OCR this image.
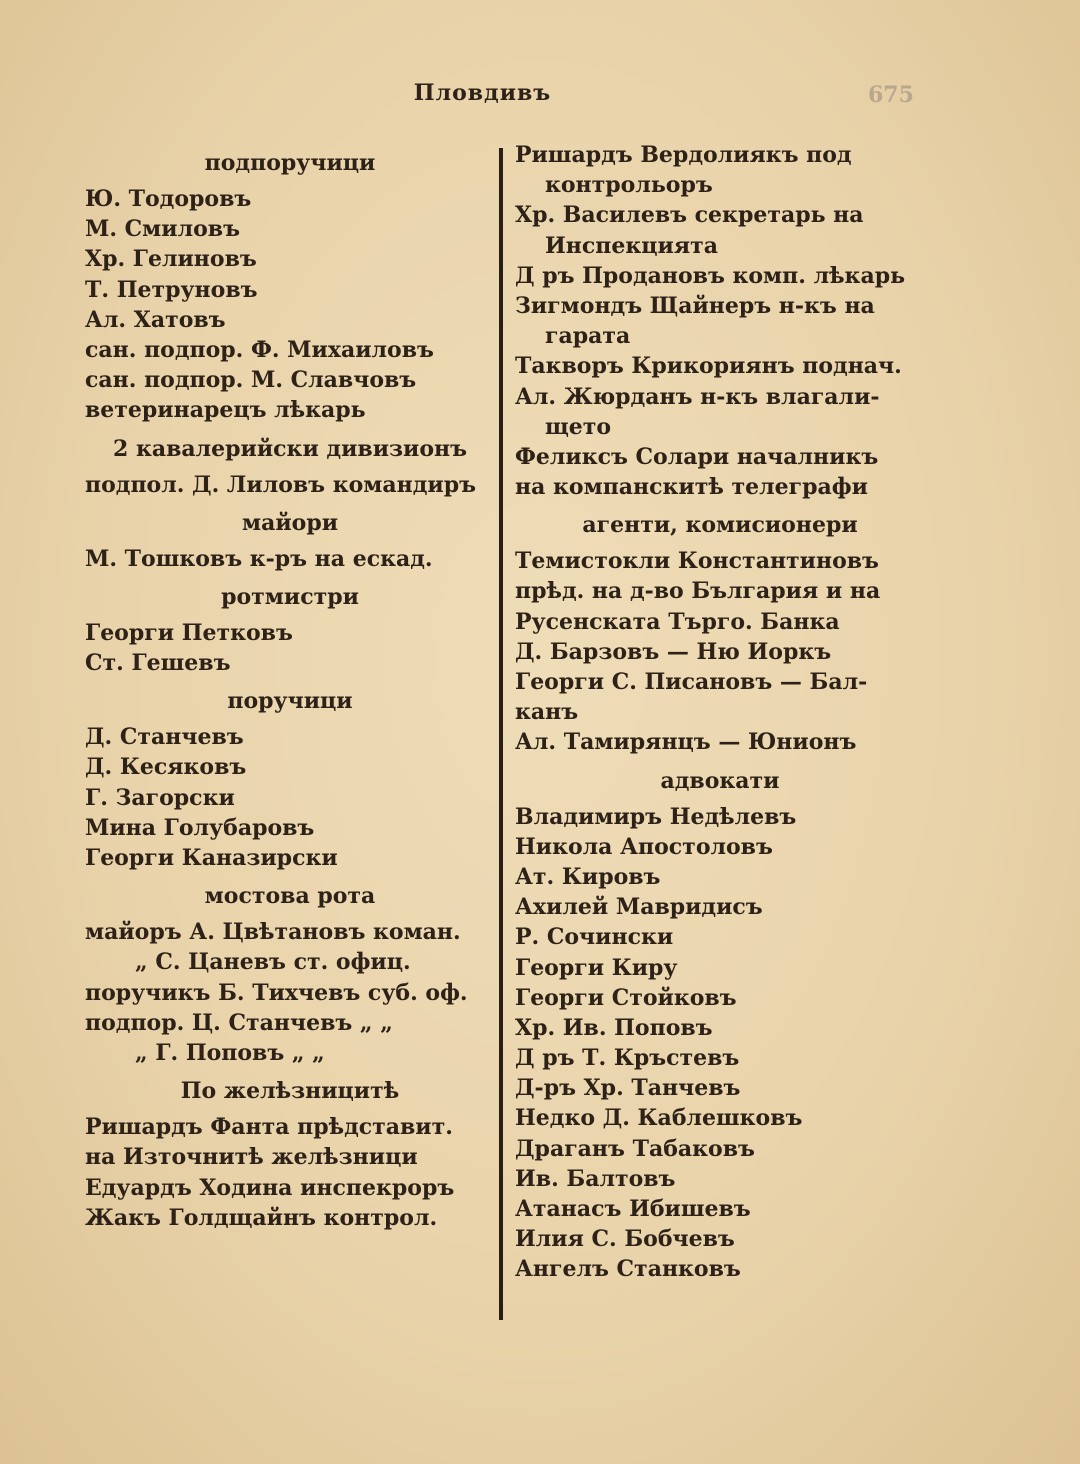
Пловдивъ	675
подпоручици
Ю. Тодоровъ
М. Смиловъ
Хр. Гелиновъ
Т. Петруновъ
Ал. Хатовъ
сан. подпор. Ф. Михаиловъ
сан. подпор. М. Славчовъ
ветеринарецъ лѣкарь
2 кавалерийски дивизионъ
подпол. Д. Лиловъ командиръ
майори
М. Тошковъ к-ръ на ескад.
ротмистри
Георги Петковъ
Ст. Гешевъ
поручици
Д. Станчевъ
Д. Кесяковъ
Г. Загорски
Мина Голубаровъ
Георги Каназирски
мостова рота
майоръ А. Цвѣтановъ коман.
„ С. Цаневъ ст. офиц.
поручикъ Б. Тихчевъ суб. оф.
подпор. Ц. Станчевъ „ „
„ Г. Поповъ „ „
По желѣзницитѣ
Ришардъ Фанта прѣдставит.
на Източнитѣ желѣзници
Едуардъ Ходина инспекроръ
Жакъ Голдщайнъ контрол.
Ришардъ Вердолиякъ под
контрольоръ
Хр. Василевъ секретарь на
Инспекцията
Д ръ Продановъ комп. лѣкарь
Зигмондъ Щайнеръ н-къ на
гарата
Такворъ Крикориянъ поднач.
Ал. Жюрданъ н-къ влагали-
щето
Феликсъ Солари началникъ
на компанскитѣ телеграфи
агенти, комисионери
Темистокли Константиновъ
прѣд. на д-во България и на
Русенската Търго. Банка
Д. Барзовъ — Ню Иоркъ
Георги С. Писановъ — Бал-
канъ
Ал. Тамирянцъ — Юнионъ
адвокати
Владимиръ Недѣлевъ
Никола Апостоловъ
Ат. Кировъ
Ахилей Мавридисъ
Р. Сочински
Георги Киру
Георги Стойковъ
Хр. Ив. Поповъ
Д ръ Т. Кръстевъ
Д-ръ Хр. Танчевъ
Недко Д. Каблешковъ
Драганъ Табаковъ
Ив. Балтовъ
Атанасъ Ибишевъ
Илия С. Бобчевъ
Ангелъ Станковъ
